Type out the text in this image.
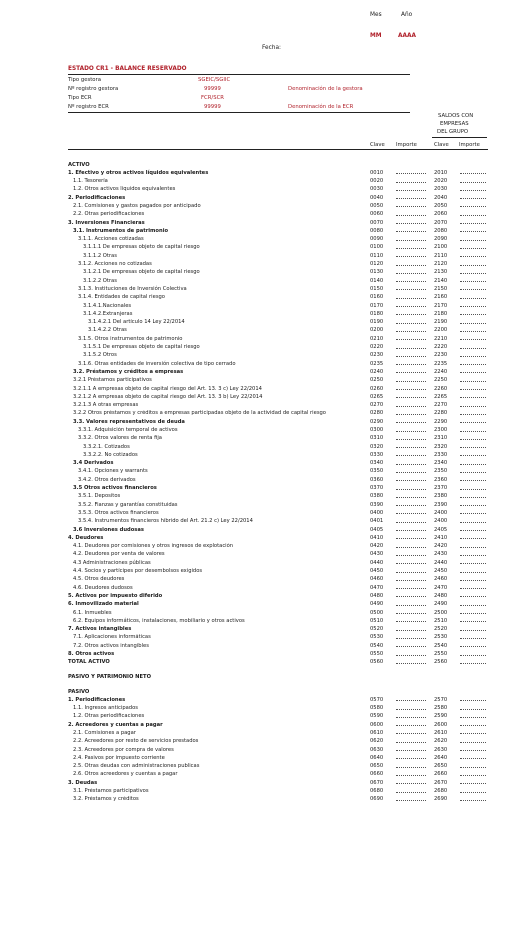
Mes	Año
MM	AAAA
Fecha:
ESTADO CR1 - BALANCE RESERVADO
Tipo gestora	SGEIC/SGIIC
Nº registro gestora	99999	Denominación de la gestora
Tipo ECR	FCR/SCR
Nº registro ECR	99999	Denominación de la ECR
SALDOS CON
EMPRESAS
DEL GRUPO
Clave Importe	Clave Importe
ACTIVO				
1. Efectivo y otros activos líquidos equivalentes	0010		2010	
1.1. Tesorería	0020		2020	
1.2. Otros activos líquidos equivalentes	0030		2030	
2. Periodificaciones	0040		2040	
2.1. Comisiones y gastos pagados por anticipado	0050		2050	
2.2. Otras periodificaciones	0060		2060	
3. Inversiones Financieras	0070		2070	
3.1. Instrumentos de patrimonio	0080		2080	
3.1.1. Acciones cotizadas	0090		2090	
3.1.1.1 De empresas objeto de capital riesgo	0100		2100	
3.1.1.2 Otras	0110		2110	
3.1.2. Acciones no cotizadas	0120		2120	
3.1.2.1 De empresas objeto de capital riesgo	0130		2130	
3.1.2.2 Otras	0140		2140	
3.1.3. Instituciones de Inversión Colectiva	0150		2150	
3.1.4. Entidades de capital riesgo	0160		2160	
3.1.4.1.Nacionales	0170		2170	
3.1.4.2.Extranjeras	0180		2180	
3.1.4.2.1 Del artículo 14 Ley 22/2014	0190		2190	
3.1.4.2.2 Otras	0200		2200	
3.1.5. Otros instrumentos de patrimonio	0210		2210	
3.1.5.1 De empresas objeto de capital riesgo	0220		2220	
3.1.5.2 Otros	0230		2230	
3.1.6. Otras entidades de inversión colectiva de tipo cerrado	0235		2235	
3.2. Préstamos y créditos a empresas	0240		2240	
3.2.1 Préstamos participativos	0250		2250	
3.2.1.1 A empresas objeto de capital riesgo del Art. 13. 3 c) Ley 22/2014	0260		2260	
3.2.1.2 A empresas objeto de capital riesgo del Art. 13. 3 b) Ley 22/2014	0265		2265	
3.2.1.3 A otras empresas	0270		2270	
3.2.2 Otros préstamos y créditos a empresas participadas objeto de la actividad de capital riesgo	0280		2280	
3.3. Valores representativos de deuda	0290		2290	
3.3.1. Adquisición temporal de activos	0300		2300	
3.3.2. Otros valores de renta fija	0310		2310	
3.3.2.1. Cotizados	0320		2320	
3.3.2.2. No cotizados	0330		2330	
3.4 Derivados	0340		2340	
3.4.1. Opciones y warrants	0350		2350	
3.4.2. Otros derivados	0360		2360	
3.5 Otros activos financieros	0370		2370	
3.5.1. Depositos	0380		2380	
3.5.2. Fianzas y garantías constituidas	0390		2390	
3.5.3. Otros activos financieros	0400		2400	
3.5.4. Instrumentos financieros híbrido del Art. 21.2 c) Ley 22/2014	0401		2400	
3.6 Inversiones dudosas	0405		2405	
4. Deudores	0410		2410	
4.1. Deudores por comisiones y otros ingresos de explotación	0420		2420	
4.2. Deudores por venta de valores	0430		2430	
4.3 Administraciones públicas	0440		2440	
4.4. Socios y partícipes por desembolsos exigidos	0450		2450	
4.5. Otros deudores	0460		2460	
4.6. Deudores dudosos	0470		2470	
5. Activos por impuesto diferido	0480		2480	
6. Inmovilizado material	0490		2490	
6.1. Inmuebles	0500		2500	
6.2. Equipos informáticos, instalaciones, mobiliario y otros activos	0510		2510	
7. Activos intangibles	0520		2520	
7.1. Aplicaciones informáticas	0530		2530	
7.2. Otros activos intangibles	0540		2540	
8. Otros activos	0550		2550	
TOTAL ACTIVO	0560		2560	

PASIVO Y PATRIMONIO NETO				

PASIVO				
1. Periodificaciones	0570		2570	
1.1. Ingresos anticipados	0580		2580	
1.2. Otras periodificaciones	0590		2590	
2. Acreedores y cuentas a pagar	0600		2600	
2.1. Comisiones a pagar	0610		2610	
2.2. Acreedores por resto de servicios prestados	0620		2620	
2.3. Acreedores por compra de valores	0630		2630	
2.4. Pasivos por impuesto corriente	0640		2640	
2.5. Otras deudas con administraciones publicas	0650		2650	
2.6. Otros acreedores y cuentas a pagar	0660		2660	
3. Deudas	0670		2670	
3.1. Préstamos participativos	0680		2680	
3.2. Préstamos y créditos	0690		2690	
